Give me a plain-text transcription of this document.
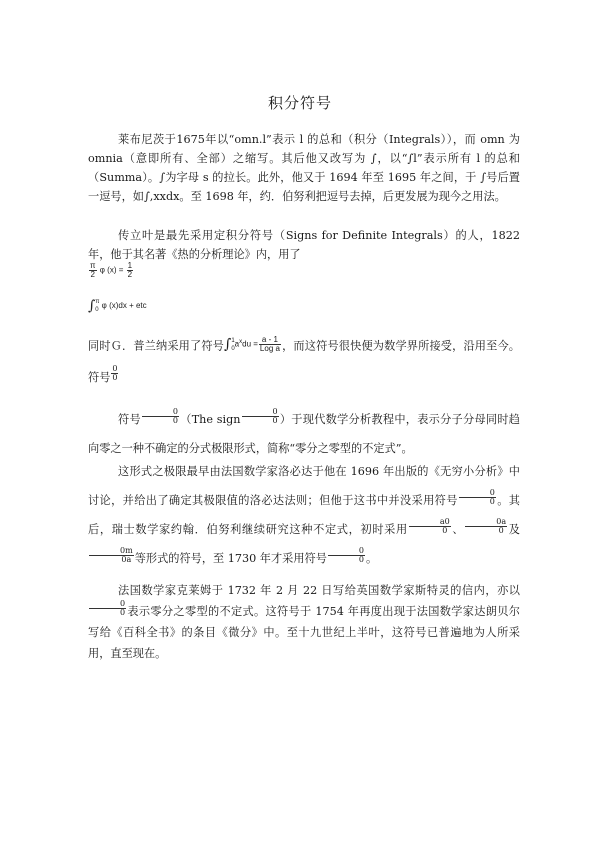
积分符号

莱布尼茨于1675年以“omn.l”表示 l 的总和（积分（Integrals）），而 omn 为 omnia（意即所有、全部）之缩写。其后他又改写为 ∫，以“∫l”表示所有 l 的总和（Summa）。∫为字母 s 的拉长。此外，他又于 1694 年至 1695 年之间，于 ∫号后置一逗号，如∫,xxdx。至 1698 年，约．伯努利把逗号去掉，后更发展为现今之用法。

传立叶是最先采用定积分符号（Signs for Definite Integrals）的人，1822年，他于其名著《热的分析理论》内，用了

$\frac{\pi}{2}$ φ $(x) = \frac{1}{2}$
∫ π
0 φ (x)dx + etc

同时Ｇ．普兰纳采用了符号∫ 1
0 $a^xdu = \frac{a - 1}{\text{Log a}}$ ，而这符号很快便为数学界所接受，沿用至今。符号 $\frac{0}{0}$

符号 $\frac{0}{0} (The$ sign $\frac{0}{0}$ ）于现代数学分析教程中，表示分子分母同时趋向零之一种不确定的分式极限形式，简称“零分之零型的不定式”。

这形式之极限最早由法国数学家洛必达于他在 1696 年出版的《无穷小分析》中讨论，并给出了确定其极限值的洛必达法则；但他于这书中并没采用符号 $\frac{0}{0}$ 。其后，瑞士数学家约翰．伯努利继续研究这种不定式，初时采用 $\frac{a0}{0}$ 、 $\frac{0a}{0}$ 及
$\frac{0m}{0a}$ 等形式的符号，至 1730 年才采用符号 $\frac{0}{0}$ 。

法国数学家克莱姆于 1732 年 2 月 22 日写给英国数学家斯特灵的信内，亦以
$\frac{0}{0}$ 表示零分之零型的不定式。这符号于 1754 年再度出现于法国数学家达朗贝尔写给《百科全书》的条目《微分》中。至十九世纪上半叶，这符号已普遍地为人所采用，直至现在。
